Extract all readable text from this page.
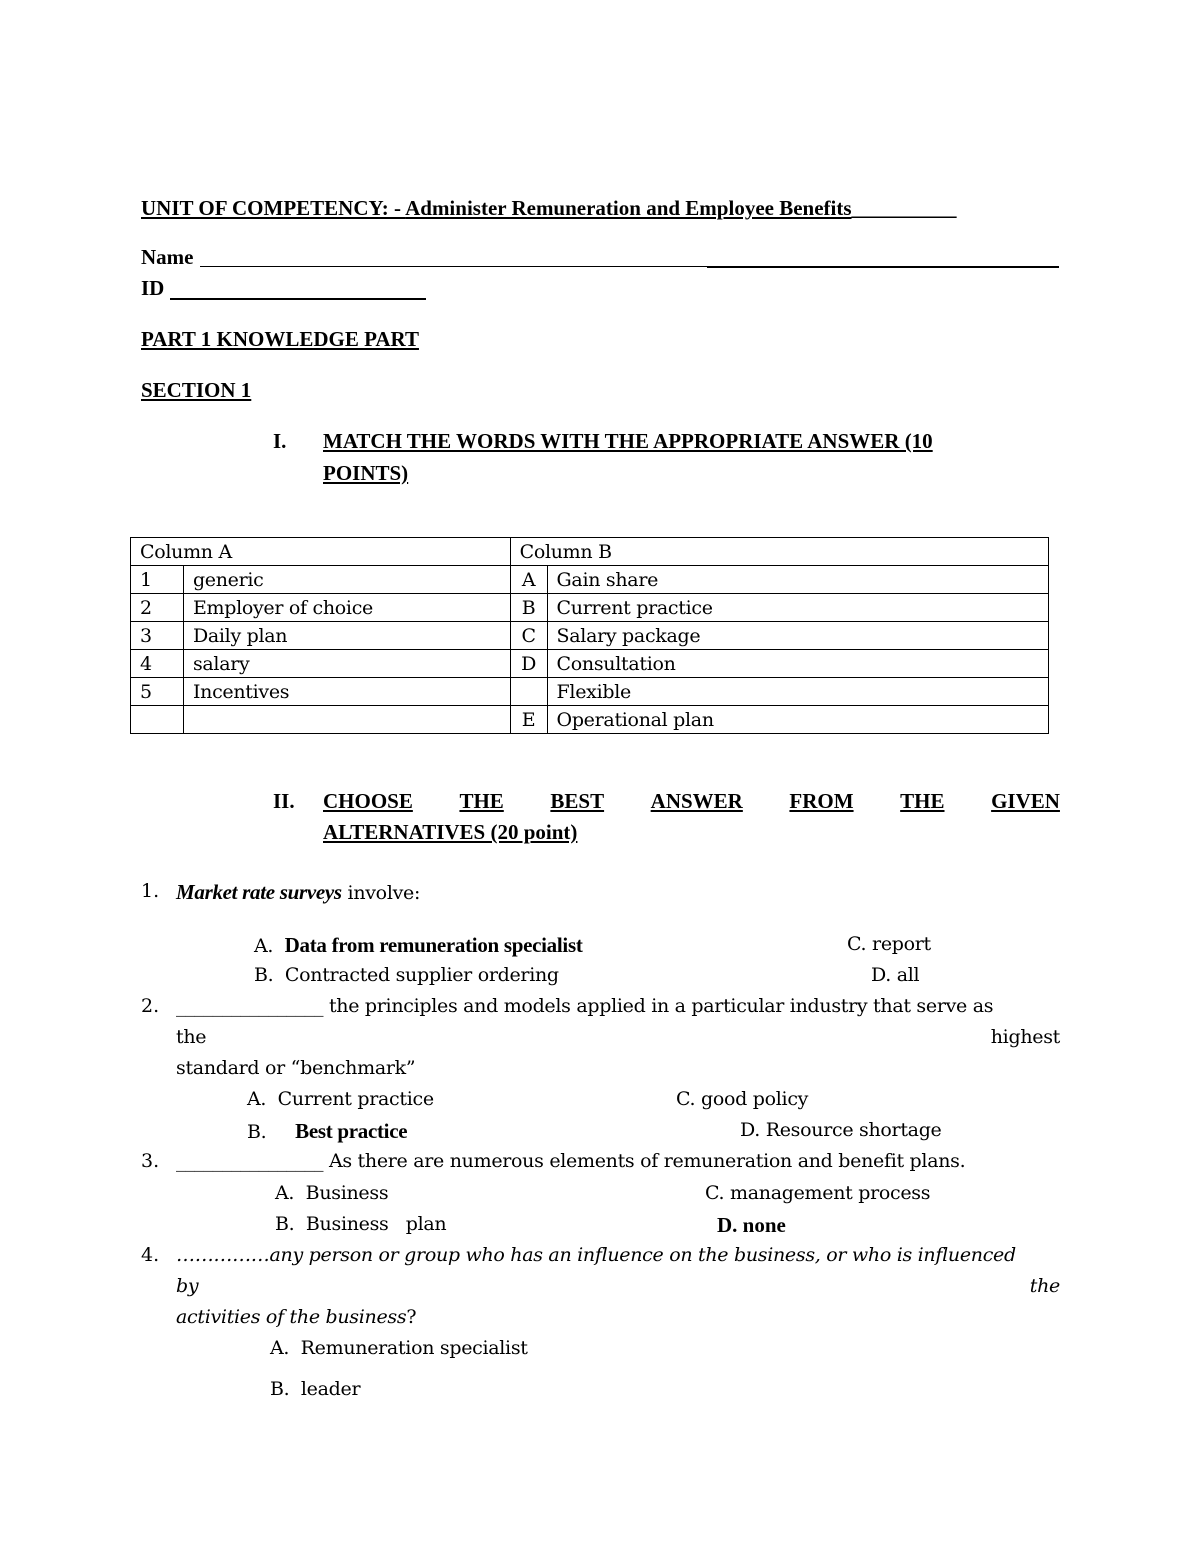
UNIT OF COMPETENCY: - Administer Remuneration and Employee Benefits__________
Name
ID
PART 1 KNOWLEDGE PART
SECTION 1
I. MATCH THE WORDS WITH THE APPROPRIATE ANSWER (10
POINTS)
Column A		Column B	
1	generic	A	Gain share
2	Employer of choice	B	Current practice
3	Daily plan	C	Salary package
4	salary	D	Consultation
5	Incentives		Flexible
		E	Operational plan
II. CHOOSE THE BEST ANSWER FROM THE GIVEN
ALTERNATIVES (20 point)
1. Market rate surveys involve:
A. Data from remuneration specialist	C. report
B. Contracted supplier ordering	D. all
2. ________________ the principles and models applied in a particular industry that serve as
the	highest
standard or “benchmark”
A. Current practice	C. good policy
B. Best practice	D. Resource shortage
3. ________________ As there are numerous elements of remuneration and benefit plans.
A. Business	C. management process
B. Business   plan	D. none
4. ……………any person or group who has an influence on the business, or who is influenced
by	the
activities of the business?
A. Remuneration specialist
B. leader
